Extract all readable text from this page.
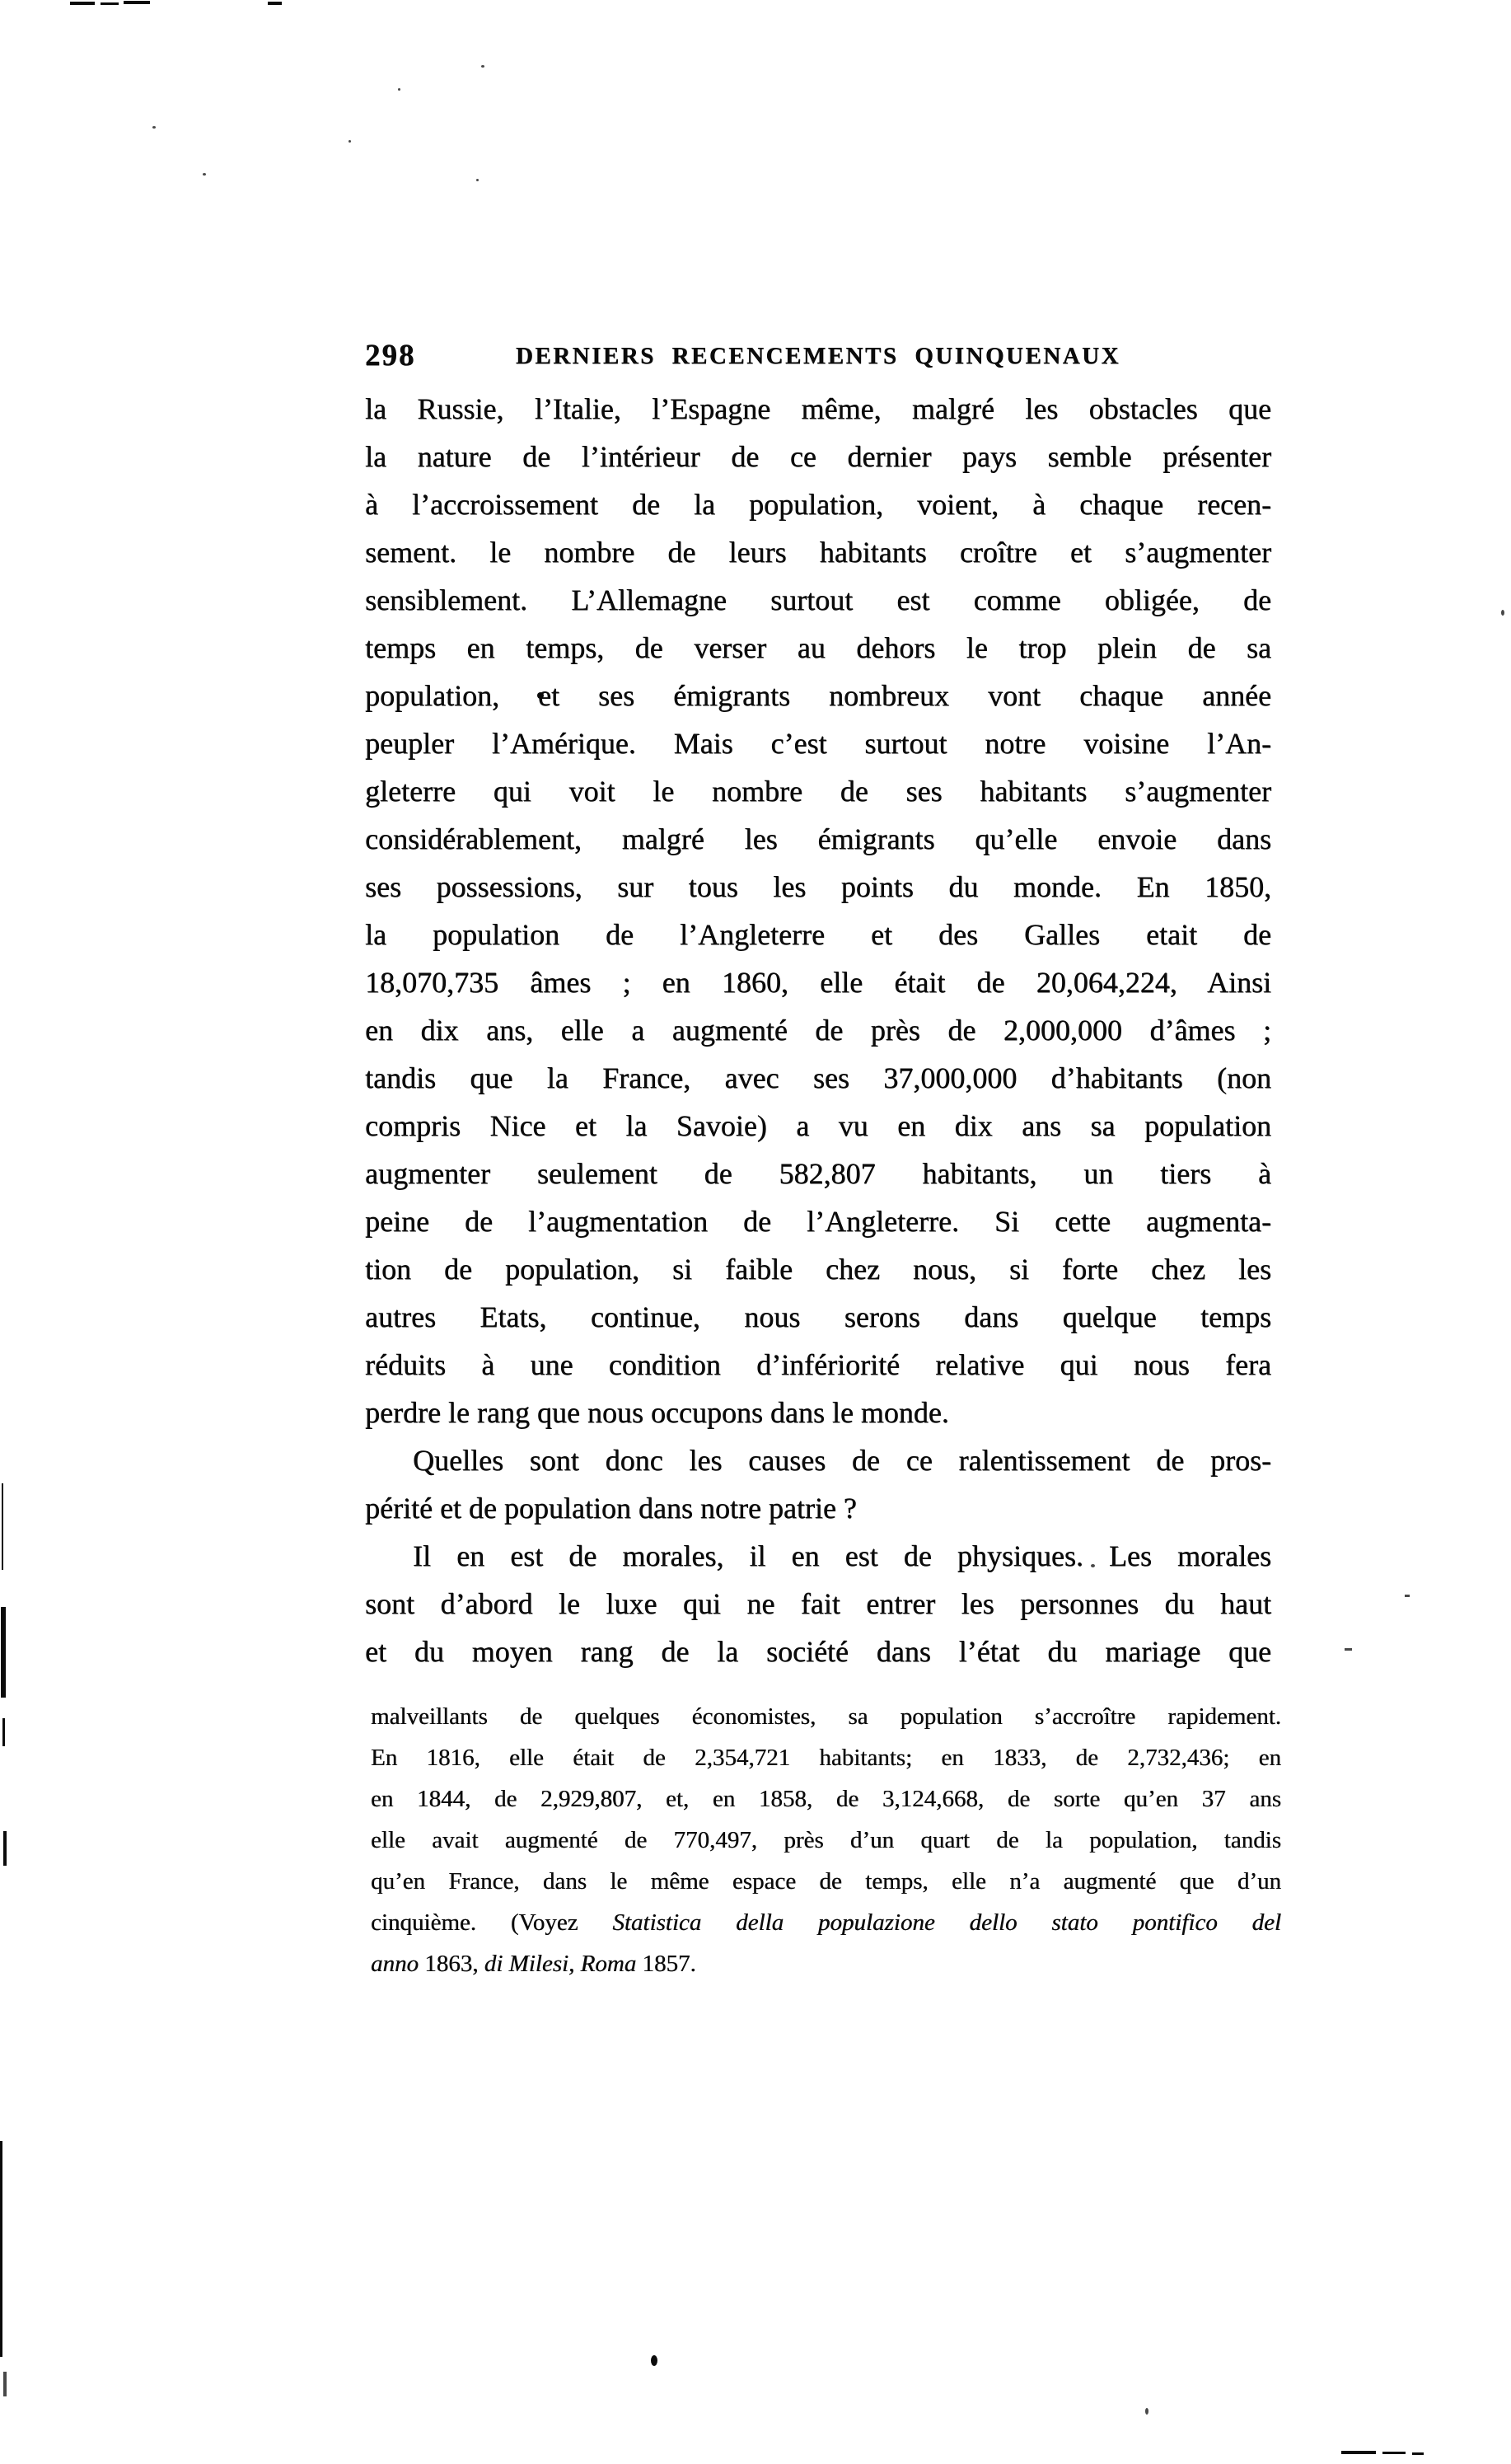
298	DERNIERS RECENCEMENTS QUINQUENAUX
la Russie, l’Italie, l’Espagne même, malgré les obstacles que
la nature de l’intérieur de ce dernier pays semble présenter
à l’accroissement de la population, voient, à chaque recen-
sement. le nombre de leurs habitants croître et s’augmenter
sensiblement. L’Allemagne surtout est comme obligée, de
temps en temps, de verser au dehors le trop plein de sa
population, et ses émigrants nombreux vont chaque année
peupler l’Amérique. Mais c’est surtout notre voisine l’An-
gleterre qui voit le nombre de ses habitants s’augmenter
considérablement, malgré les émigrants qu’elle envoie dans
ses possessions, sur tous les points du monde. En 1850,
la population de l’Angleterre et des Galles etait de
18,070,735 âmes ; en 1860, elle était de 20,064,224, Ainsi
en dix ans, elle a augmenté de près de 2,000,000 d’âmes ;
tandis que la France, avec ses 37,000,000 d’habitants (non
compris Nice et la Savoie) a vu en dix ans sa population
augmenter seulement de 582,807 habitants, un tiers à
peine de l’augmentation de l’Angleterre. Si cette augmenta-
tion de population, si faible chez nous, si forte chez les
autres Etats, continue, nous serons dans quelque temps
réduits à une condition d’infériorité relative qui nous fera
perdre le rang que nous occupons dans le monde.
Quelles sont donc les causes de ce ralentissement de pros-
périté et de population dans notre patrie ?
Il en est de morales, il en est de physiques. Les morales
sont d’abord le luxe qui ne fait entrer les personnes du haut
et du moyen rang de la société dans l’état du mariage que
malveillants de quelques économistes, sa population s’accroître rapidement.
En 1816, elle était de 2,354,721 habitants; en 1833, de 2,732,436; en
en 1844, de 2,929,807, et, en 1858, de 3,124,668, de sorte qu’en 37 ans
elle avait augmenté de 770,497, près d’un quart de la population, tandis
qu’en France, dans le même espace de temps, elle n’a augmenté que d’un
cinquième. (Voyez Statistica della populazione dello stato pontifico del
anno 1863, di Milesi, Roma 1857.
